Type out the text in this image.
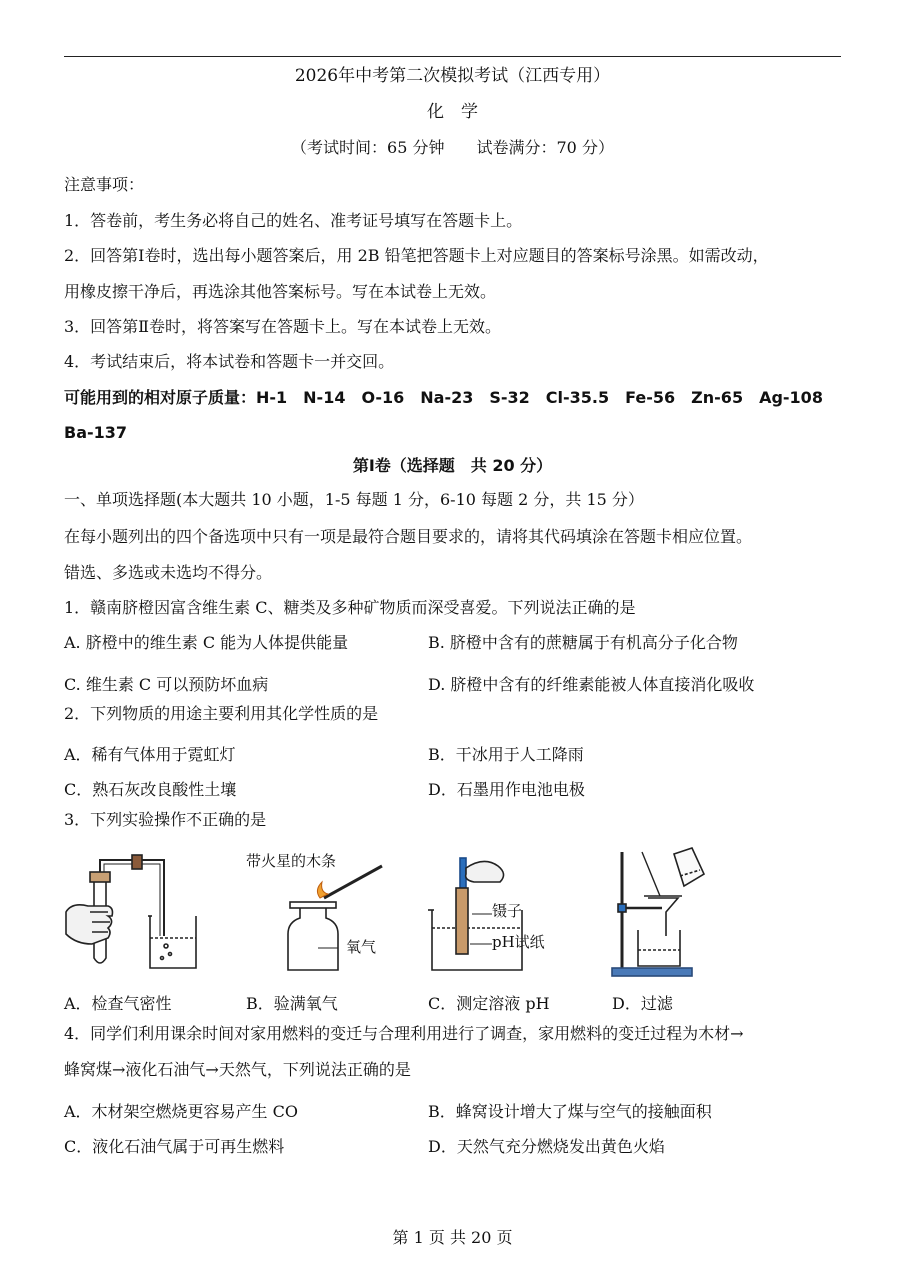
2026年中考第二次模拟考试（江西专用）
化　学
（考试时间：65 分钟　　试卷满分：70 分）
注意事项：
1．答卷前，考生务必将自己的姓名、准考证号填写在答题卡上。
2．回答第Ⅰ卷时，选出每小题答案后，用 2B 铅笔把答题卡上对应题目的答案标号涂黑。如需改动，
用橡皮擦干净后，再选涂其他答案标号。写在本试卷上无效。
3．回答第Ⅱ卷时，将答案写在答题卡上。写在本试卷上无效。
4．考试结束后，将本试卷和答题卡一并交回。
可能用到的相对原子质量：H-1　N-14　O-16　Na-23　S-32　Cl-35.5　Fe-56　Zn-65　Ag-108
Ba-137
第Ⅰ卷（选择题　共 20 分）
一、单项选择题(本大题共 10 小题，1-5 每题 1 分，6-10 每题 2 分，共 15 分）
在每小题列出的四个备选项中只有一项是最符合题目要求的，请将其代码填涂在答题卡相应位置。
错选、多选或未选均不得分。
1．赣南脐橙因富含维生素 C、糖类及多种矿物质而深受喜爱。下列说法正确的是
A. 脐橙中的维生素 C 能为人体提供能量	B. 脐橙中含有的蔗糖属于有机高分子化合物
C. 维生素 C 可以预防坏血病	D. 脐橙中含有的纤维素能被人体直接消化吸收
2．下列物质的用途主要利用其化学性质的是
A．稀有气体用于霓虹灯	B．干冰用于人工降雨
C．熟石灰改良酸性土壤	D．石墨用作电池电极
3．下列实验操作不正确的是
带火星的木条
氧气
镊子
pH试纸
A．检查气密性	B．验满氧气	C．测定溶液 pH	D．过滤
4．同学们利用课余时间对家用燃料的变迁与合理利用进行了调查，家用燃料的变迁过程为木材→
蜂窝煤→液化石油气→天然气，下列说法正确的是
A．木材架空燃烧更容易产生 CO	B．蜂窝设计增大了煤与空气的接触面积
C．液化石油气属于可再生燃料	D．天然气充分燃烧发出黄色火焰
第 1 页 共 20 页
